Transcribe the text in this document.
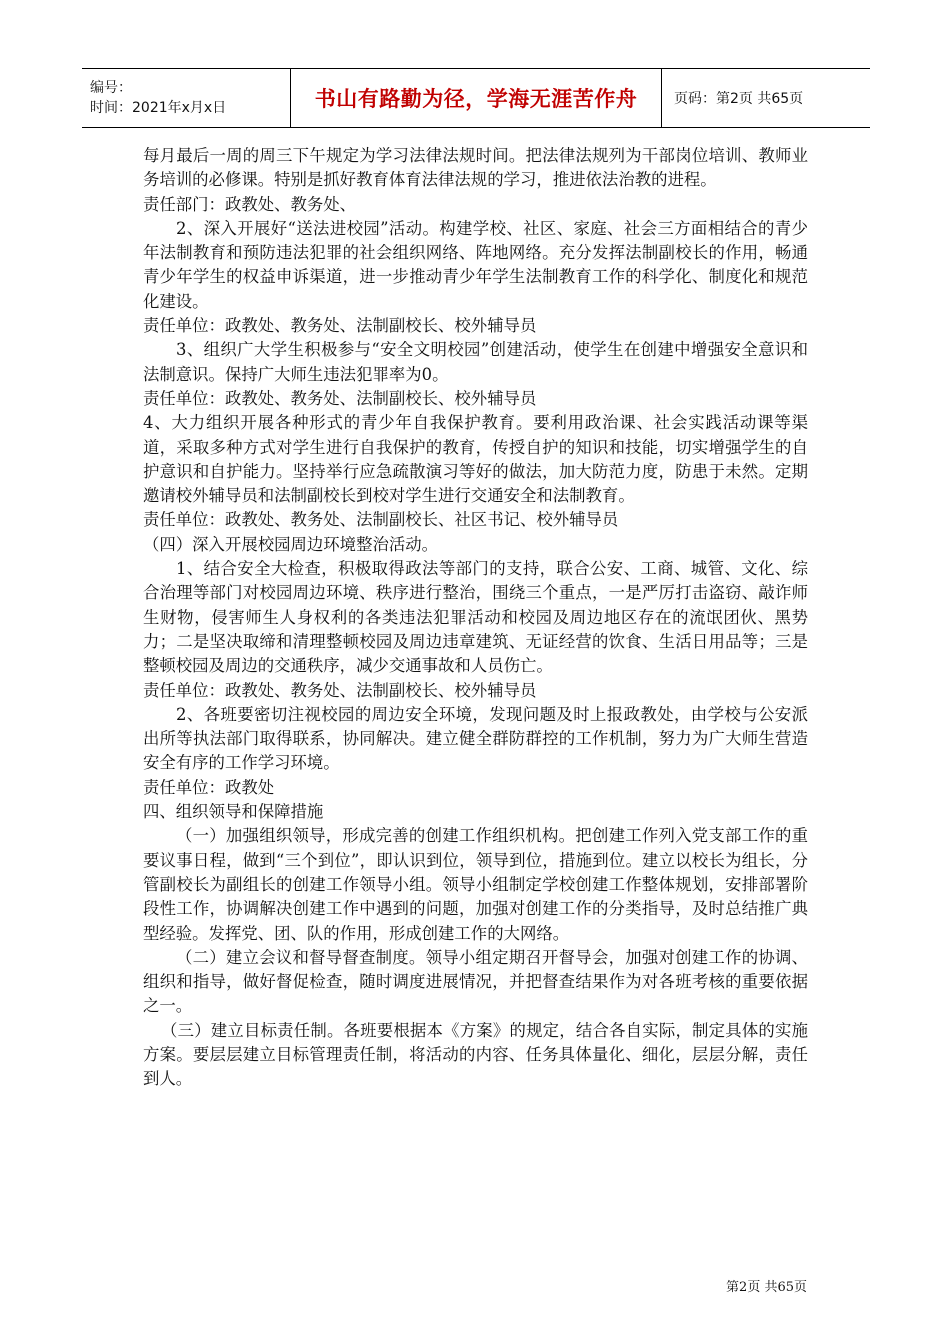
编号：
时间：2021年x月x日	书山有路勤为径，学海无涯苦作舟	页码：第2页 共65页

每月最后一周的周三下午规定为学习法律法规时间。把法律法规列为干部岗位培训、教师业务培训的必修课。特别是抓好教育体育法律法规的学习，推进依法治教的进程。

责任部门：政教处、教务处、

2、深入开展好“送法进校园”活动。构建学校、社区、家庭、社会三方面相结合的青少年法制教育和预防违法犯罪的社会组织网络、阵地网络。充分发挥法制副校长的作用，畅通青少年学生的权益申诉渠道，进一步推动青少年学生法制教育工作的科学化、制度化和规范化建设。

责任单位：政教处、教务处、法制副校长、校外辅导员

3、组织广大学生积极参与“安全文明校园”创建活动，使学生在创建中增强安全意识和法制意识。保持广大师生违法犯罪率为0。

责任单位：政教处、教务处、法制副校长、校外辅导员

4、大力组织开展各种形式的青少年自我保护教育。要利用政治课、社会实践活动课等渠道，采取多种方式对学生进行自我保护的教育，传授自护的知识和技能，切实增强学生的自护意识和自护能力。坚持举行应急疏散演习等好的做法，加大防范力度，防患于未然。定期邀请校外辅导员和法制副校长到校对学生进行交通安全和法制教育。

责任单位：政教处、教务处、法制副校长、社区书记、校外辅导员

（四）深入开展校园周边环境整治活动。

1、结合安全大检查，积极取得政法等部门的支持，联合公安、工商、城管、文化、综合治理等部门对校园周边环境、秩序进行整治，围绕三个重点，一是严厉打击盗窃、敲诈师生财物，侵害师生人身权利的各类违法犯罪活动和校园及周边地区存在的流氓团伙、黑势力；二是坚决取缔和清理整顿校园及周边违章建筑、无证经营的饮食、生活日用品等；三是整顿校园及周边的交通秩序，减少交通事故和人员伤亡。

责任单位：政教处、教务处、法制副校长、校外辅导员

2、各班要密切注视校园的周边安全环境，发现问题及时上报政教处，由学校与公安派出所等执法部门取得联系，协同解决。建立健全群防群控的工作机制，努力为广大师生营造安全有序的工作学习环境。

责任单位：政教处

四、组织领导和保障措施

（一）加强组织领导，形成完善的创建工作组织机构。把创建工作列入党支部工作的重要议事日程，做到“三个到位”，即认识到位，领导到位，措施到位。建立以校长为组长，分管副校长为副组长的创建工作领导小组。领导小组制定学校创建工作整体规划，安排部署阶段性工作，协调解决创建工作中遇到的问题，加强对创建工作的分类指导，及时总结推广典型经验。发挥党、团、队的作用，形成创建工作的大网络。

（二）建立会议和督导督查制度。领导小组定期召开督导会，加强对创建工作的协调、组织和指导，做好督促检查，随时调度进展情况，并把督查结果作为对各班考核的重要依据之一。

（三）建立目标责任制。各班要根据本《方案》的规定，结合各自实际，制定具体的实施方案。要层层建立目标管理责任制，将活动的内容、任务具体量化、细化，层层分解，责任到人。

第2页 共65页
